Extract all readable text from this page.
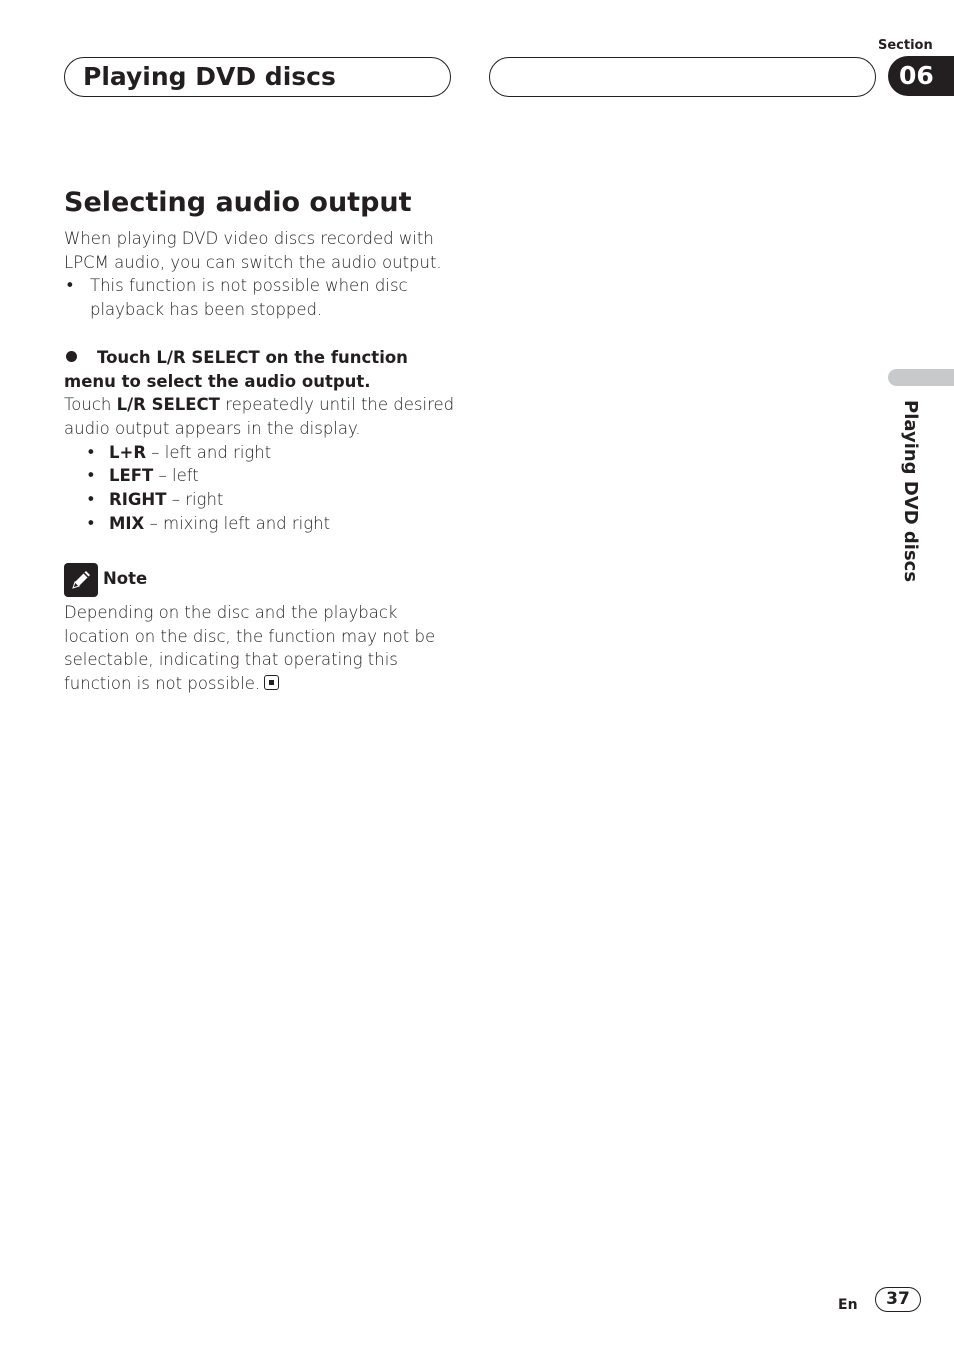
Playing DVD discs
Section
06
Playing DVD discs
Selecting audio output
When playing DVD video discs recorded with LPCM audio, you can switch the audio output.
• This function is not possible when disc playback has been stopped.
Touch L/R SELECT on the function menu to select the audio output.
Touch L/R SELECT repeatedly until the desired audio output appears in the display.
• L+R – left and right
• LEFT – left
• RIGHT – right
• MIX – mixing left and right
Note
Depending on the disc and the playback location on the disc, the function may not be selectable, indicating that operating this function is not possible.
En	37
